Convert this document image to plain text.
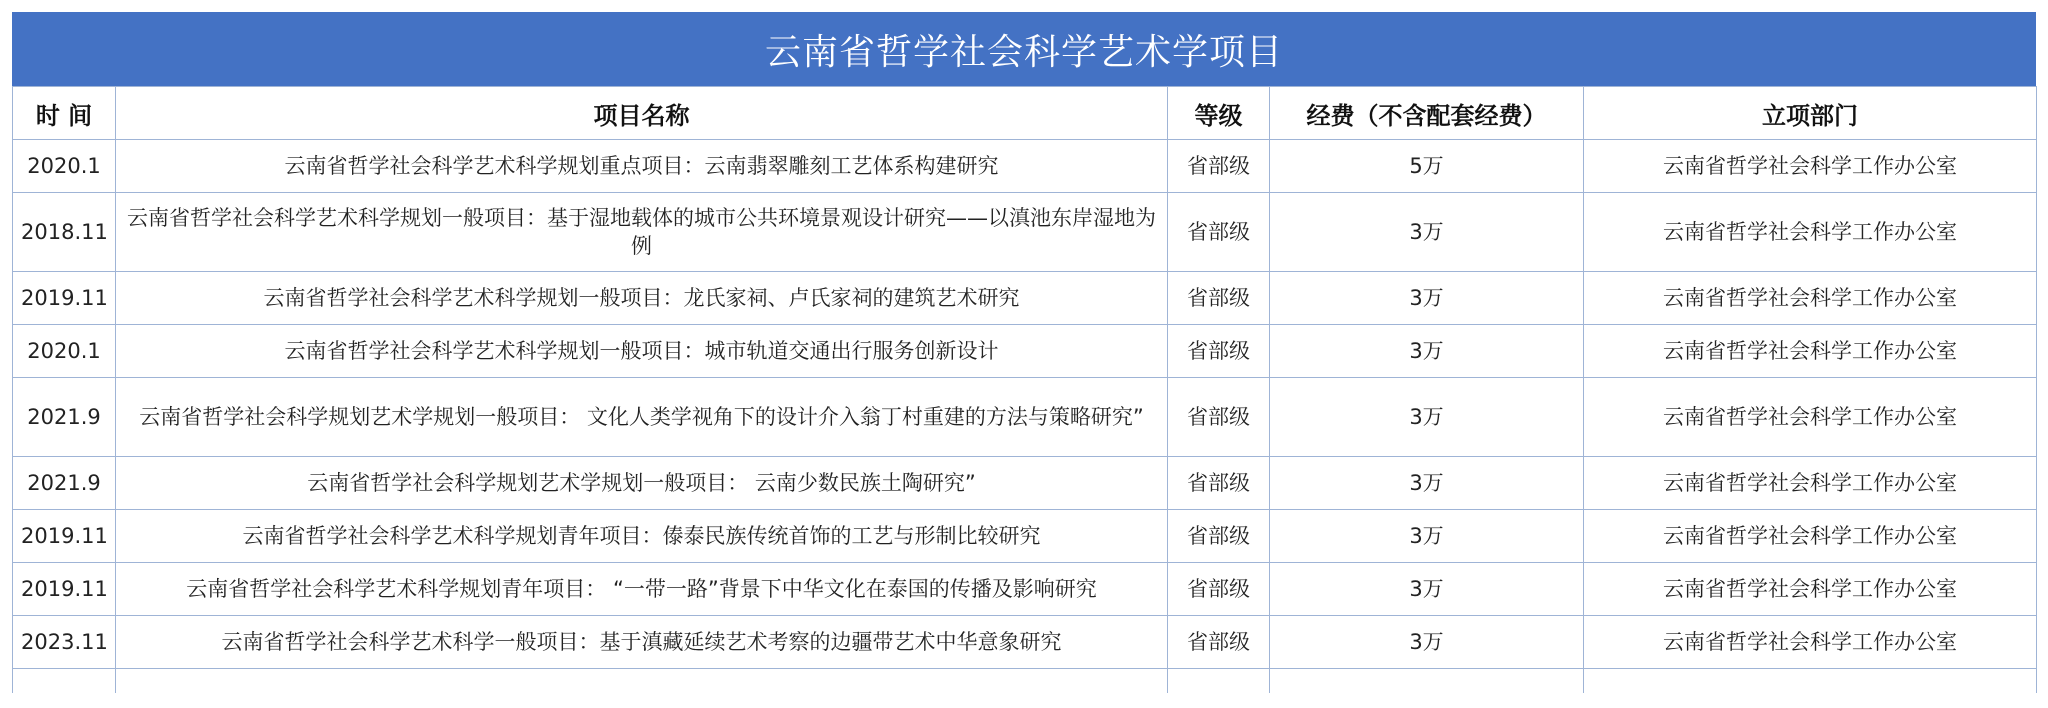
云南省哲学社会科学艺术学项目
时 间	项目名称	等级	经费（不含配套经费）	立项部门
2020.1	云南省哲学社会科学艺术科学规划重点项目：云南翡翠雕刻工艺体系构建研究	省部级	5万	云南省哲学社会科学工作办公室
2018.11	云南省哲学社会科学艺术科学规划一般项目：基于湿地载体的城市公共环境景观设计研究——以滇池东岸湿地为例	省部级	3万	云南省哲学社会科学工作办公室
2019.11	云南省哲学社会科学艺术科学规划一般项目：龙氏家祠、卢氏家祠的建筑艺术研究	省部级	3万	云南省哲学社会科学工作办公室
2020.1	云南省哲学社会科学艺术科学规划一般项目：城市轨道交通出行服务创新设计	省部级	3万	云南省哲学社会科学工作办公室
2021.9	云南省哲学社会科学规划艺术学规划一般项目： 文化人类学视角下的设计介入翁丁村重建的方法与策略研究”	省部级	3万	云南省哲学社会科学工作办公室
2021.9	云南省哲学社会科学规划艺术学规划一般项目： 云南少数民族土陶研究”	省部级	3万	云南省哲学社会科学工作办公室
2019.11	云南省哲学社会科学艺术科学规划青年项目：傣泰民族传统首饰的工艺与形制比较研究	省部级	3万	云南省哲学社会科学工作办公室
2019.11	云南省哲学社会科学艺术科学规划青年项目： “一带一路”背景下中华文化在泰国的传播及影响研究	省部级	3万	云南省哲学社会科学工作办公室
2023.11	云南省哲学社会科学艺术科学一般项目：基于滇藏延续艺术考察的边疆带艺术中华意象研究	省部级	3万	云南省哲学社会科学工作办公室
